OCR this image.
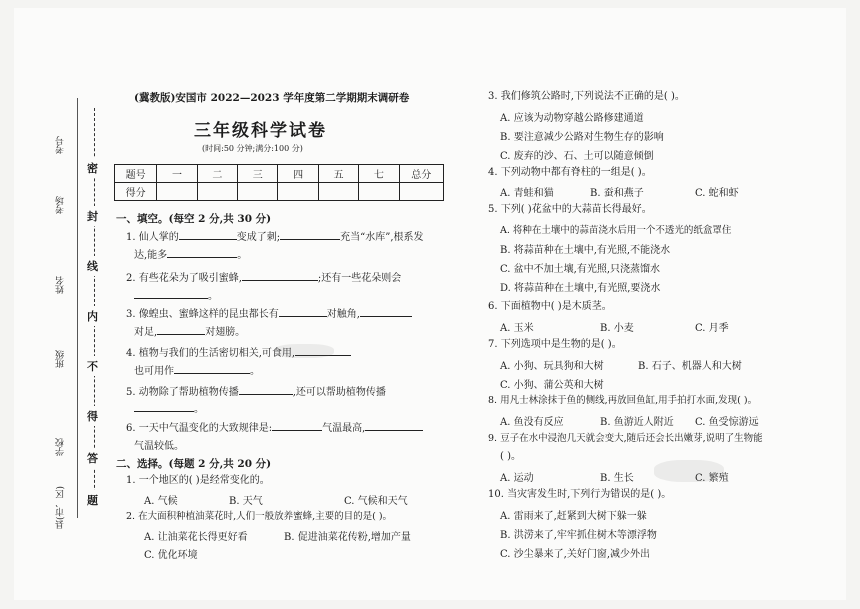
密
封
线
内
不
得
答
题
考号
考场
姓名
班级
学校
县(市、区)
(冀教版)安国市 2022—2023 学年度第二学期期末调研卷
三年级科学试卷
(时间:50 分钟;满分:100 分)
题号	一	二	三	四	五	七	总分
得分							
一、填空。(每空 2 分,共 30 分)
1. 仙人掌的	变成了刺;	充当“水库”,根系发
达,能多	。
2. 有些花朵为了吸引蜜蜂,	;还有一些花朵则会
。
3. 像蝗虫、蜜蜂这样的昆虫都长有	对触角,
对足,	对翅膀。
4. 植物与我们的生活密切相关,可食用,
也可用作	。
5. 动物除了帮助植物传播	,还可以帮助植物传播
。
6. 一天中气温变化的大致规律是:	气温最高,
气温较低。
二、选择。(每题 2 分,共 20 分)
1. 一个地区的( )是经常变化的。
A. 气候	B. 天气	C. 气候和天气
2. 在大面积种植油菜花时,人们一般放养蜜蜂,主要的目的是( )。
A. 让油菜花长得更好看	B. 促进油菜花传粉,增加产量
C. 优化环境
3. 我们修筑公路时,下列说法不正确的是( )。
A. 应该为动物穿越公路修建通道
B. 要注意减少公路对生物生存的影响
C. 废弃的沙、石、土可以随意倾倒
4. 下列动物中都有脊柱的一组是( )。
A. 青蛙和猫	B. 蚕和燕子	C. 蛇和虾
5. 下列( )花盆中的大蒜苗长得最好。
A. 将种在土壤中的蒜苗浇水后用一个不透光的纸盒罩住
B. 将蒜苗种在土壤中,有光照,不能浇水
C. 盆中不加土壤,有光照,只浇蒸馏水
D. 将蒜苗种在土壤中,有光照,要浇水
6. 下面植物中( )是木质茎。
A. 玉米	B. 小麦	C. 月季
7. 下列选项中是生物的是( )。
A. 小狗、玩具狗和大树	B. 石子、机器人和大树
C. 小狗、蒲公英和大树
8. 用凡士林涂抹于鱼的侧线,再放回鱼缸,用手拍打水面,发现( )。
A. 鱼没有反应	B. 鱼游近人附近 C. 鱼受惊游远
9. 豆子在水中浸泡几天就会变大,随后还会长出嫩芽,说明了生物能
( )。
A. 运动	B. 生长	C. 繁殖
10. 当灾害发生时,下列行为错误的是( )。
A. 雷雨来了,赶紧到大树下躲一躲
B. 洪涝来了,牢牢抓住树木等漂浮物
C. 沙尘暴来了,关好门窗,减少外出
